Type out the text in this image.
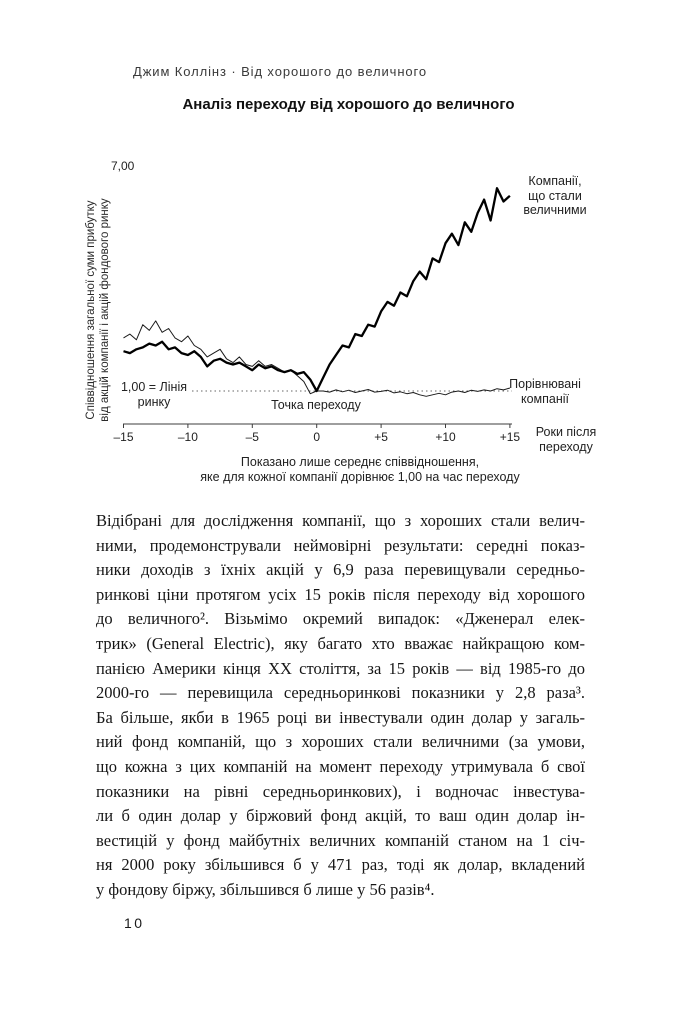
Джим Коллінз · Від хорошого до величного
Аналіз переходу від хорошого до величного
–15	–10	–5	0	+5	+10	+15
7,00
Співвідношення загальної суми прибутку від акцій компанії і акцій фондового ринку
Компанії,
що стали
величними
Порівнювані
компанії
1,00 = Лінія
ринку	Точка переходу
Роки після
переходу
Показано лише середнє співвідношення,
яке для кожної компанії дорівнює 1,00 на час переходу
Відібрані для дослідження компанії, що з хороших стали велич-
ними, продемонстрували неймовірні результати: середні показ-
ники доходів з їхніх акцій у 6,9 раза перевищували середньо-
ринкові ціни протягом усіх 15 років після переходу від хорошого
до величного². Візьмімо окремий випадок: «Дженерал елек-
трик» (General Electric), яку багато хто вважає найкращою ком-
панією Америки кінця ХХ століття, за 15 років — від 1985-го до
2000-го — перевищила середньоринкові показники у 2,8 раза³.
Ба більше, якби в 1965 році ви інвестували один долар у загаль-
ний фонд компаній, що з хороших стали величними (за умови,
що кожна з цих компаній на момент переходу утримувала б свої
показники на рівні середньоринкових), і водночас інвестува-
ли б один долар у біржовий фонд акцій, то ваш один долар ін-
вестицій у фонд майбутніх величних компаній станом на 1 січ-
ня 2000 року збільшився б у 471 раз, тоді як долар, вкладений
у фондову біржу, збільшився б лише у 56 разів⁴.
10
